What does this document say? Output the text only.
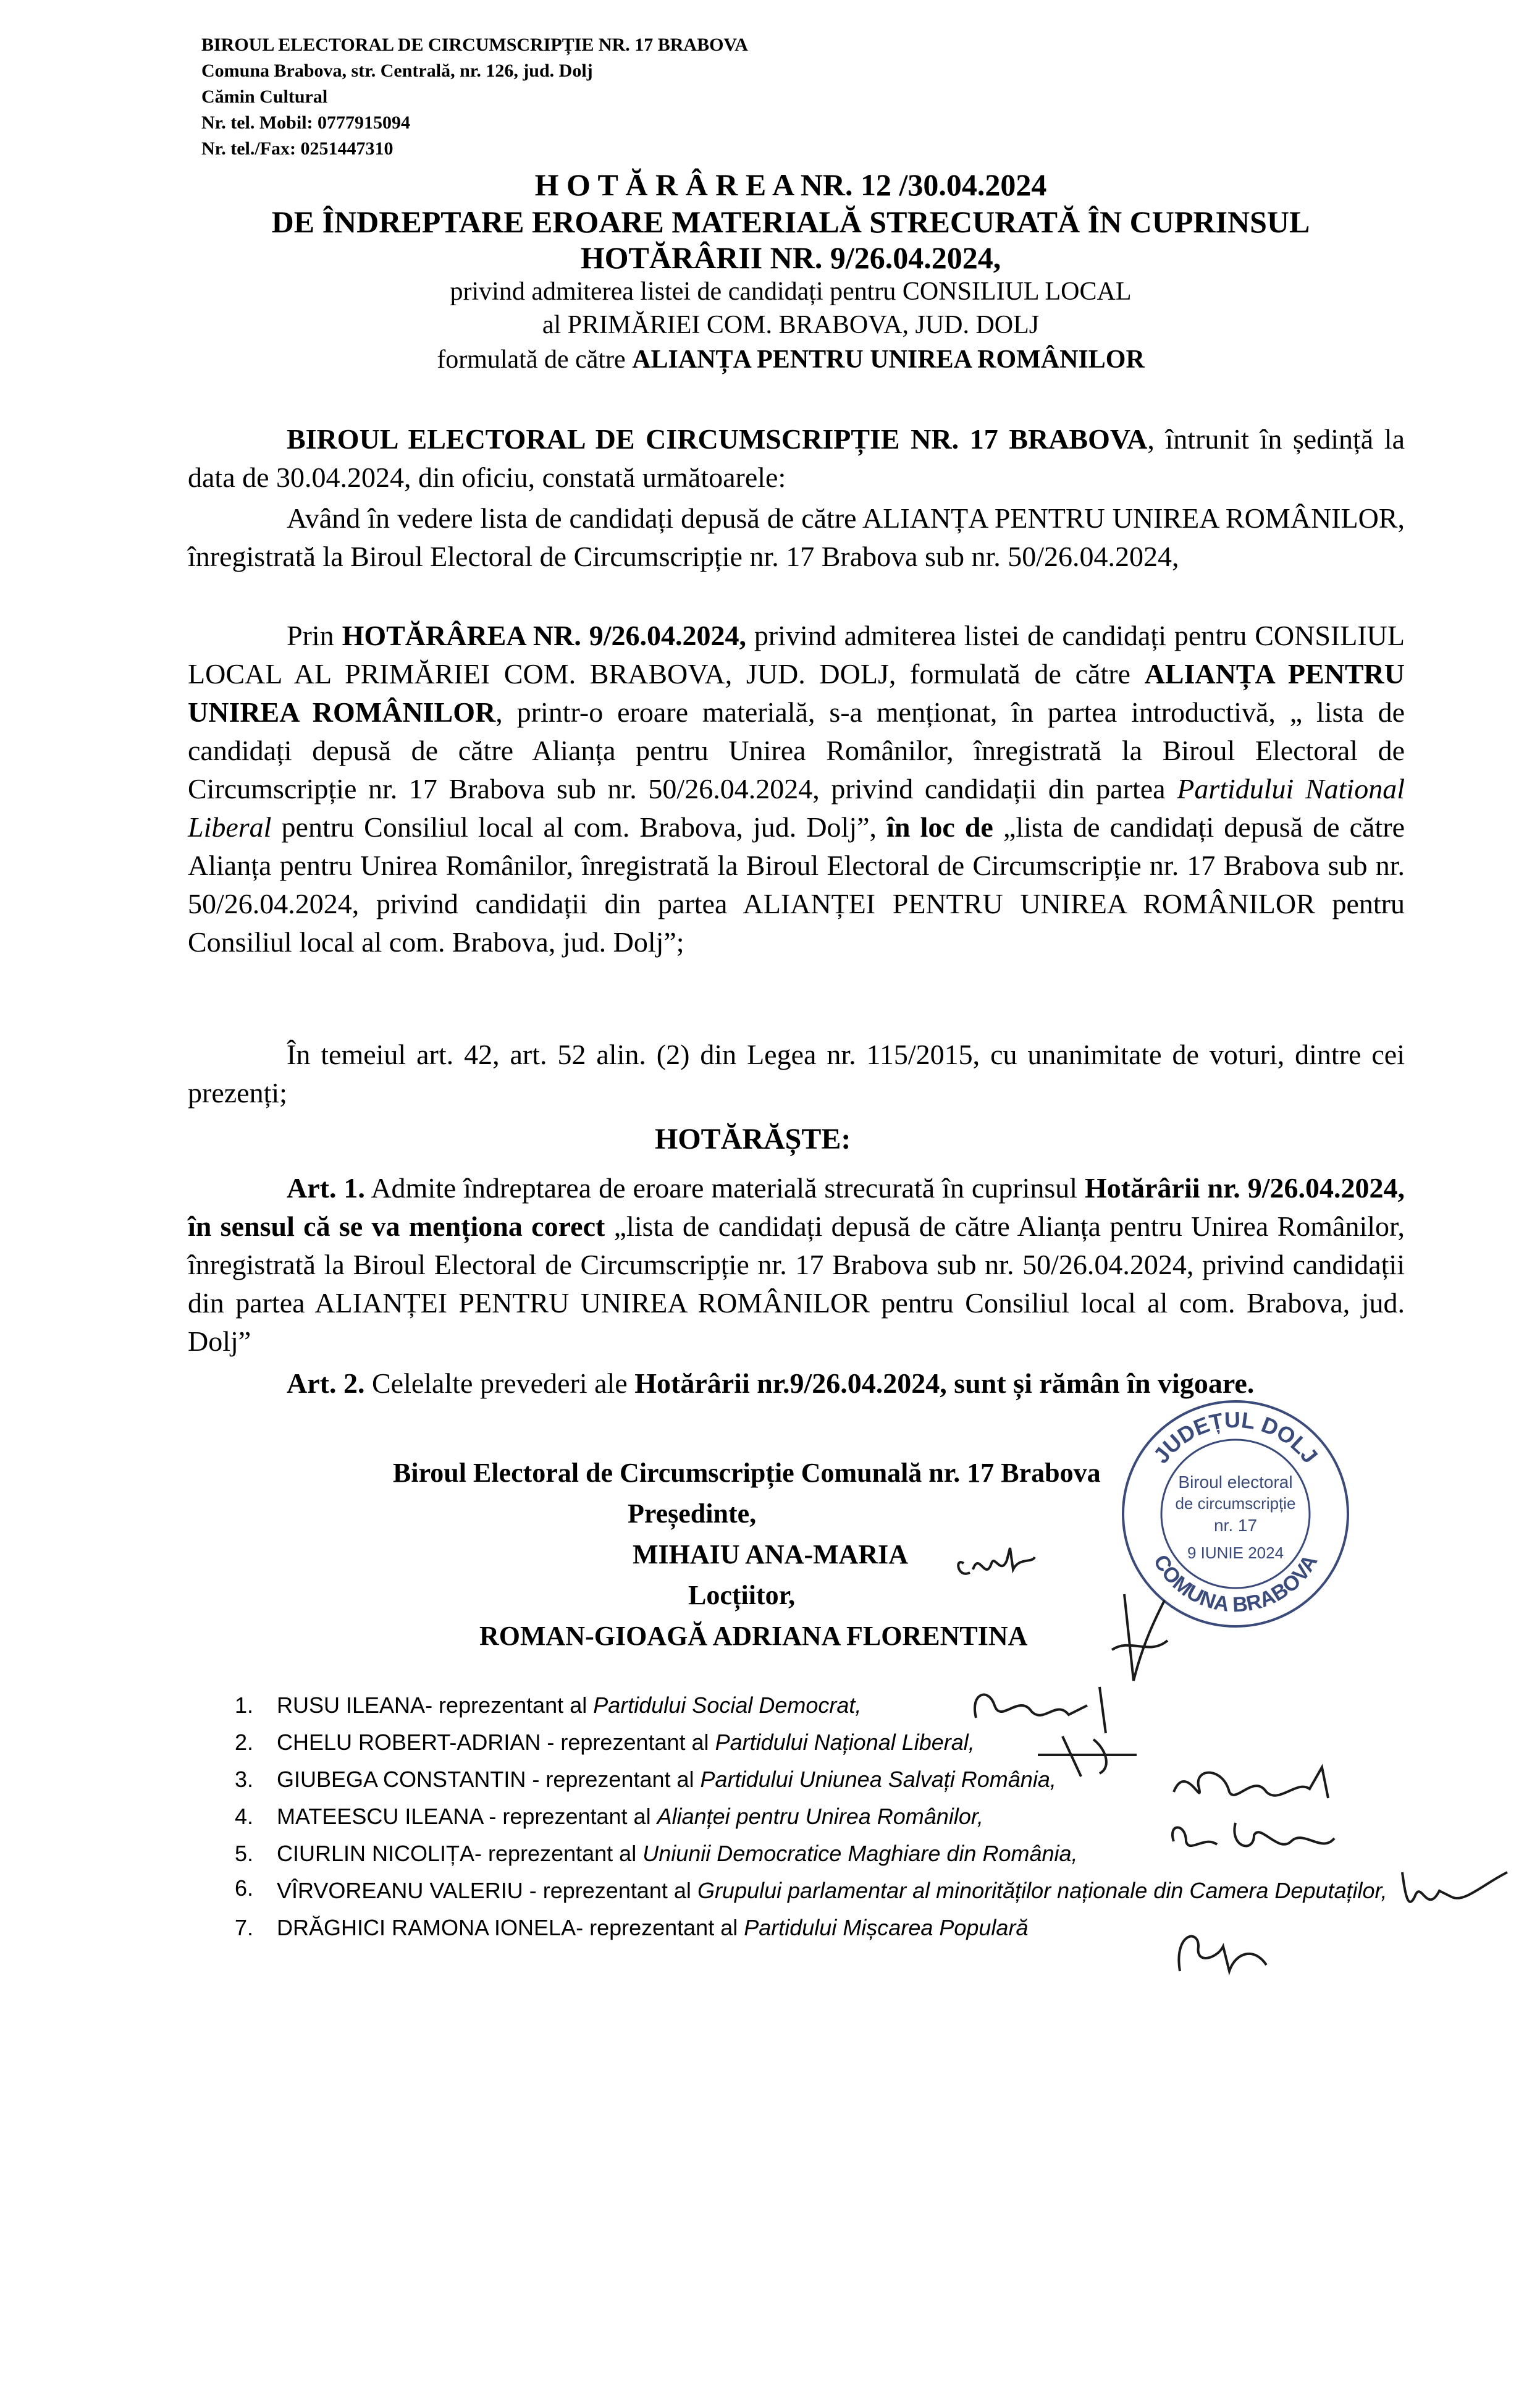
BIROUL ELECTORAL DE CIRCUMSCRIPȚIE NR. 17 BRABOVA
Comuna Brabova, str. Centrală, nr. 126, jud. Dolj
Cămin Cultural
Nr. tel. Mobil: 0777915094
Nr. tel./Fax: 0251447310
H O T Ă R Â R E A NR. 12 /30.04.2024
DE ÎNDREPTARE EROARE MATERIALĂ STRECURATĂ ÎN CUPRINSUL
HOTĂRÂRII NR. 9/26.04.2024,
privind admiterea listei de candidați pentru CONSILIUL LOCAL
al PRIMĂRIEI COM. BRABOVA, JUD. DOLJ
formulată de către ALIANȚA PENTRU UNIREA ROMÂNILOR
BIROUL ELECTORAL DE CIRCUMSCRIPȚIE NR. 17 BRABOVA, întrunit în ședință la data de 30.04.2024, din oficiu, constată următoarele:
Având în vedere lista de candidați depusă de către ALIANȚA PENTRU UNIREA ROMÂNILOR, înregistrată la Biroul Electoral de Circumscripție nr. 17 Brabova sub nr. 50/26.04.2024,
Prin HOTĂRÂREA NR. 9/26.04.2024, privind admiterea listei de candidați pentru CONSILIUL LOCAL AL PRIMĂRIEI COM. BRABOVA, JUD. DOLJ, formulată de către ALIANȚA PENTRU UNIREA ROMÂNILOR, printr-o eroare materială, s-a menționat, în partea introductivă, „ lista de candidați depusă de către Alianța pentru Unirea Românilor, înregistrată la Biroul Electoral de Circumscripție nr. 17 Brabova sub nr. 50/26.04.2024, privind candidații din partea Partidului National Liberal pentru Consiliul local al com. Brabova, jud. Dolj”, în loc de „lista de candidați depusă de către Alianța pentru Unirea Românilor, înregistrată la Biroul Electoral de Circumscripție nr. 17 Brabova sub nr. 50/26.04.2024, privind candidații din partea ALIANȚEI PENTRU UNIREA ROMÂNILOR pentru Consiliul local al com. Brabova, jud. Dolj”;
În temeiul art. 42, art. 52 alin. (2) din Legea nr. 115/2015, cu unanimitate de voturi, dintre cei prezenți;
HOTĂRĂȘTE:
Art. 1. Admite îndreptarea de eroare materială strecurată în cuprinsul Hotărârii nr. 9/26.04.2024, în sensul că se va menționa corect „lista de candidați depusă de către Alianța pentru Unirea Românilor, înregistrată la Biroul Electoral de Circumscripție nr. 17 Brabova sub nr. 50/26.04.2024, privind candidații din partea ALIANȚEI PENTRU UNIREA ROMÂNILOR pentru Consiliul local al com. Brabova, jud. Dolj”
Art. 2. Celelalte prevederi ale Hotărârii nr.9/26.04.2024, sunt și rămân în vigoare.
Biroul Electoral de Circumscripție Comunală nr. 17 Brabova
Președinte,
MIHAIU ANA-MARIA
Locțiitor,
ROMAN-GIOAGĂ ADRIANA FLORENTINA
JUDEȚUL DOLJ
COMUNA BRABOVA
Biroul electoral
de circumscripție
nr. 17
9 IUNIE 2024
1. RUSU ILEANA- reprezentant al Partidului Social Democrat,
2. CHELU ROBERT-ADRIAN - reprezentant al Partidului Național Liberal,
3. GIUBEGA CONSTANTIN - reprezentant al Partidului Uniunea Salvați România,
4. MATEESCU ILEANA - reprezentant al Alianței pentru Unirea Românilor,
5. CIURLIN NICOLIȚA- reprezentant al Uniunii Democratice Maghiare din România,
6. VÎRVOREANU VALERIU - reprezentant al Grupului parlamentar al minorităților naționale din Camera Deputaților,
7. DRĂGHICI RAMONA IONELA- reprezentant al Partidului Mișcarea Populară
